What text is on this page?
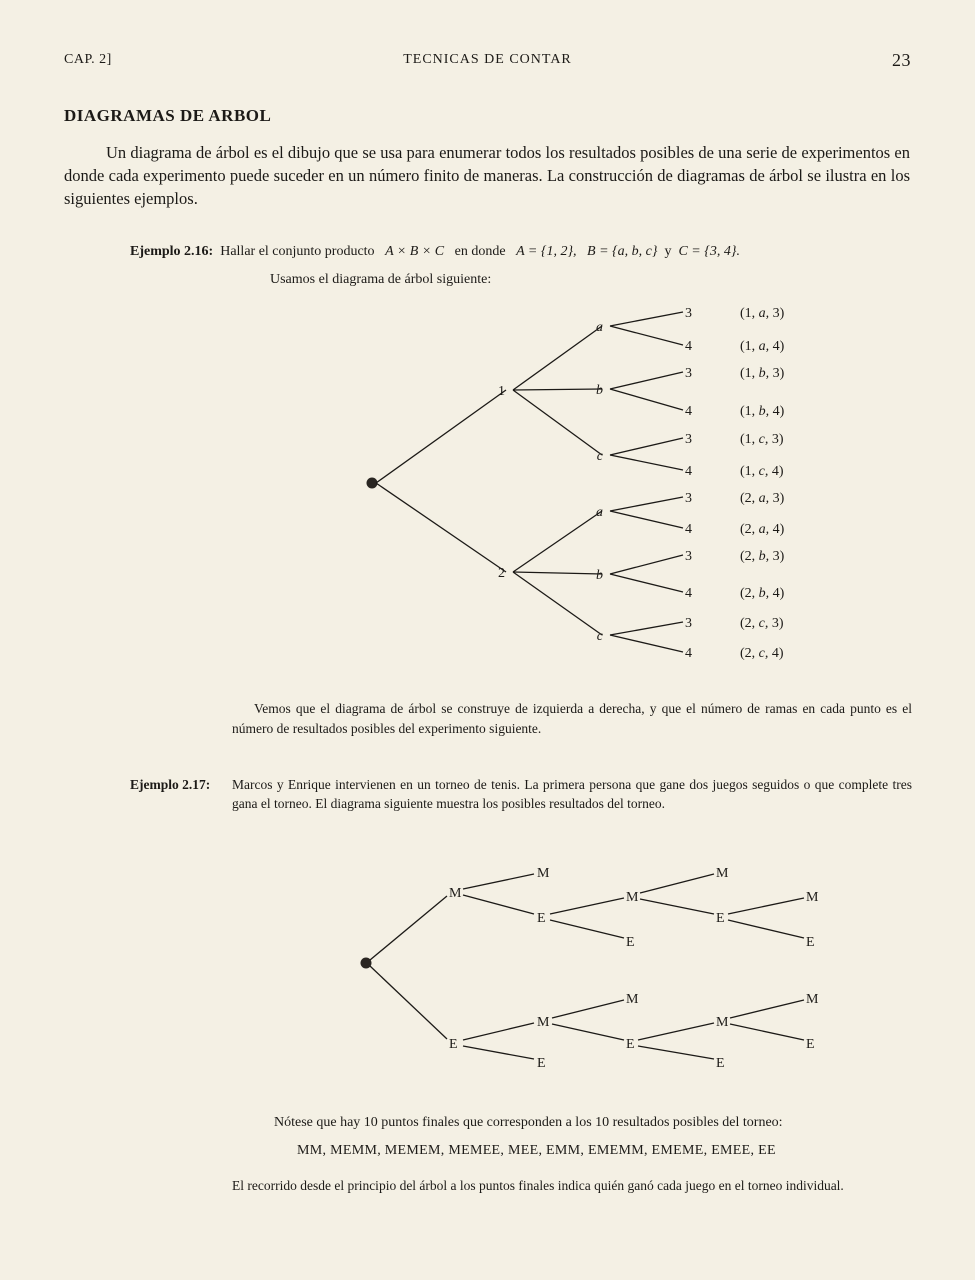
CAP. 2]	TECNICAS DE CONTAR	23
DIAGRAMAS DE ARBOL
Un diagrama de árbol es el dibujo que se usa para enumerar todos los resultados posibles de una serie de experimentos en donde cada experimento puede suceder en un número finito de maneras. La construcción de diagramas de árbol se ilustra en los siguientes ejemplos.
Ejemplo 2.16: Hallar el conjunto producto A × B × C en donde A = {1, 2}, B = {a, b, c} y C = {3, 4}.
Usamos el diagrama de árbol siguiente:
1
2
a
b
c
a
b
c
3	(1, a, 3)
4	(1, a, 4)
3	(1, b, 3)
4	(1, b, 4)
3	(1, c, 3)
4	(1, c, 4)
3	(2, a, 3)
4	(2, a, 4)
3	(2, b, 3)
4	(2, b, 4)
3	(2, c, 3)
4	(2, c, 4)
M
E
M
E
M
E
M
E
M
E
M
E
M
E
M
E
M
E
Vemos que el diagrama de árbol se construye de izquierda a derecha, y que el número de ramas en cada punto es el número de resultados posibles del experimento siguiente.
Ejemplo 2.17:	Marcos y Enrique intervienen en un torneo de tenis. La primera persona que gane dos juegos seguidos o que complete tres gana el torneo. El diagrama siguiente muestra los posibles resultados del torneo.
Nótese que hay 10 puntos finales que corresponden a los 10 resultados posibles del torneo:
MM, MEMM, MEMEM, MEMEE, MEE, EMM, EMEMM, EMEME, EMEE, EE
El recorrido desde el principio del árbol a los puntos finales indica quién ganó cada juego en el torneo individual.
